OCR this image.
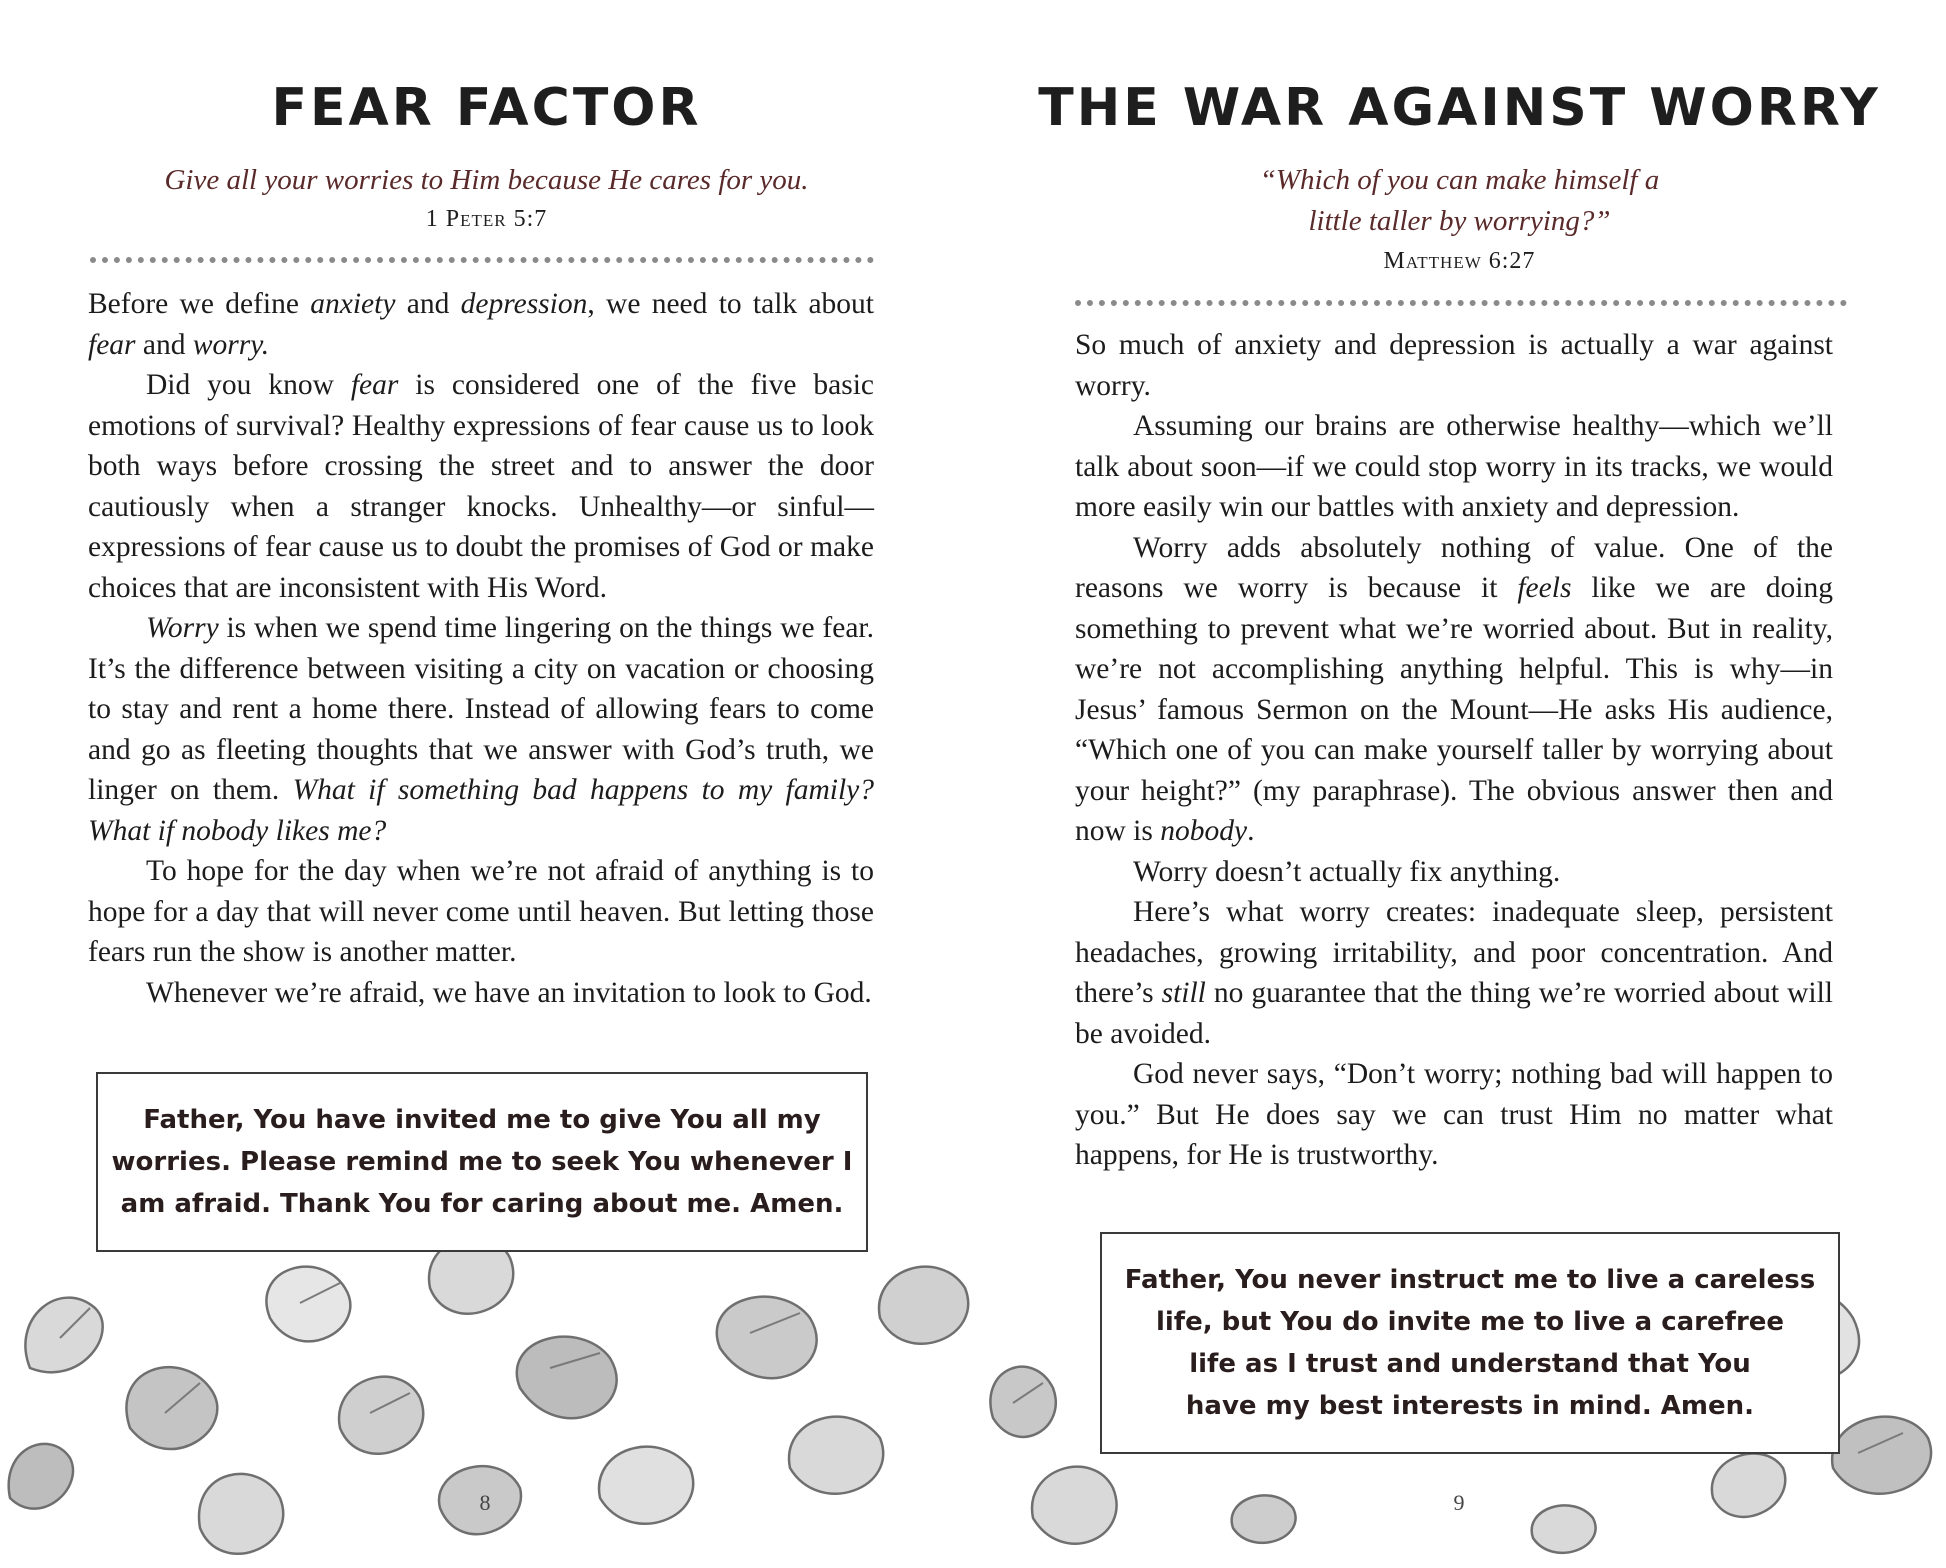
FEAR FACTOR
Give all your worries to Him because He cares for you.
1 Peter 5:7

Before we define anxiety and depression, we need to talk about fear and worry.

Did you know fear is considered one of the five basic emotions of survival? Healthy expressions of fear cause us to look both ways before crossing the street and to answer the door cautiously when a stranger knocks. Unhealthy—or sinful—expressions of fear cause us to doubt the promises of God or make choices that are inconsistent with His Word.

Worry is when we spend time lingering on the things we fear. It’s the difference between visiting a city on vacation or choosing to stay and rent a home there. Instead of allowing fears to come and go as fleeting thoughts that we answer with God’s truth, we linger on them. What if something bad happens to my family? What if nobody likes me?

To hope for the day when we’re not afraid of anything is to hope for a day that will never come until heaven. But letting those fears run the show is another matter.

Whenever we’re afraid, we have an invitation to look to God.

Father, You have invited me to give You all my
worries. Please remind me to seek You whenever I
am afraid. Thank You for caring about me. Amen.
8
THE WAR AGAINST WORRY
“Which of you can make himself a
little taller by worrying?”
Matthew 6:27

So much of anxiety and depression is actually a war against worry.

Assuming our brains are otherwise healthy—which we’ll talk about soon—if we could stop worry in its tracks, we would more easily win our battles with anxiety and depression.

Worry adds absolutely nothing of value. One of the reasons we worry is because it feels like we are doing something to prevent what we’re worried about. But in reality, we’re not accomplishing anything helpful. This is why—in Jesus’ famous Sermon on the Mount—He asks His audience, “Which one of you can make yourself taller by worrying about your height?” (my paraphrase). The obvious answer then and now is nobody.

Worry doesn’t actually fix anything.

Here’s what worry creates: inadequate sleep, persistent headaches, growing irritability, and poor concentration. And there’s still no guarantee that the thing we’re worried about will be avoided.

God never says, “Don’t worry; nothing bad will happen to you.” But He does say we can trust Him no matter what happens, for He is trustworthy.

Father, You never instruct me to live a careless
life, but You do invite me to live a carefree
life as I trust and understand that You
have my best interests in mind. Amen.
9
